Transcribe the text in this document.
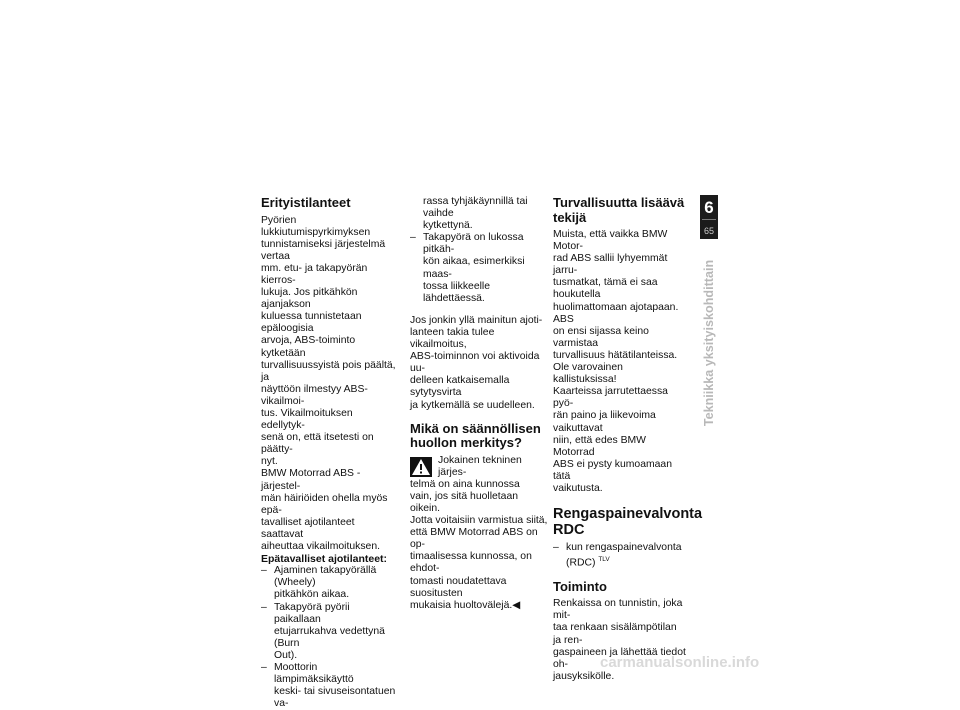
Erityistilanteet

Pyörien lukkiutumispyrkimyksen
tunnistamiseksi järjestelmä vertaa
mm. etu- ja takapyörän kierros-
lukuja. Jos pitkähkön ajanjakson
kuluessa tunnistetaan epäloogisia
arvoja, ABS-toiminto kytketään
turvallisuussyistä pois päältä, ja
näyttöön ilmestyy ABS-vikailmoi-
tus. Vikailmoituksen edellytyk-
senä on, että itsetesti on päätty-
nyt.

BMW Motorrad ABS -järjestel-
män häiriöiden ohella myös epä-
tavalliset ajotilanteet saattavat
aiheuttaa vikailmoituksen.

Epätavalliset ajotilanteet:
– Ajaminen takapyörällä (Wheely)
pitkähkön aikaa.
– Takapyörä pyörii paikallaan
etujarrukahva vedettynä (Burn
Out).
– Moottorin lämpimäksikäyttö
keski- tai sivuseisontatuen va-
rassa tyhjäkäynnillä tai vaihde
kytkettynä.
– Takapyörä on lukossa pitkäh-
kön aikaa, esimerkiksi maas-
tossa liikkeelle lähdettäessä.

Jos jonkin yllä mainitun ajoti-
lanteen takia tulee vikailmoitus,
ABS-toiminnon voi aktivoida uu-
delleen katkaisemalla sytytysvirta
ja kytkemällä se uudelleen.

Mikä on säännöllisen
huollon merkitys?

Jokainen tekninen järjes-
telmä on aina kunnossa
vain, jos sitä huolletaan oikein.
Jotta voitaisiin varmistua siitä,
että BMW Motorrad ABS on op-
timaalisessa kunnossa, on ehdot-
tomasti noudatettava suositusten
mukaisia huoltovälejä.◀

Turvallisuutta lisäävä
tekijä

Muista, että vaikka BMW Motor-
rad ABS sallii lyhyemmät jarru-
tusmatkat, tämä ei saa houkutella
huolimattomaan ajotapaan. ABS
on ensi sijassa keino varmistaa
turvallisuus hätätilanteissa.

Ole varovainen kallistuksissa!
Kaarteissa jarrutettaessa pyö-
rän paino ja liikevoima vaikuttavat
niin, että edes BMW Motorrad
ABS ei pysty kumoamaan tätä
vaikutusta.

Rengaspainevalvonta
RDC
– kun rengaspainevalvonta
(RDC) $^{TLV}$
Toiminto

Renkaissa on tunnistin, joka mit-
taa renkaan sisälämpötilan ja ren-
gaspaineen ja lähettää tiedot oh-
jausyksikölle.

6
65
Tekniikka yksityiskohdittain
carmanualsonline.info
